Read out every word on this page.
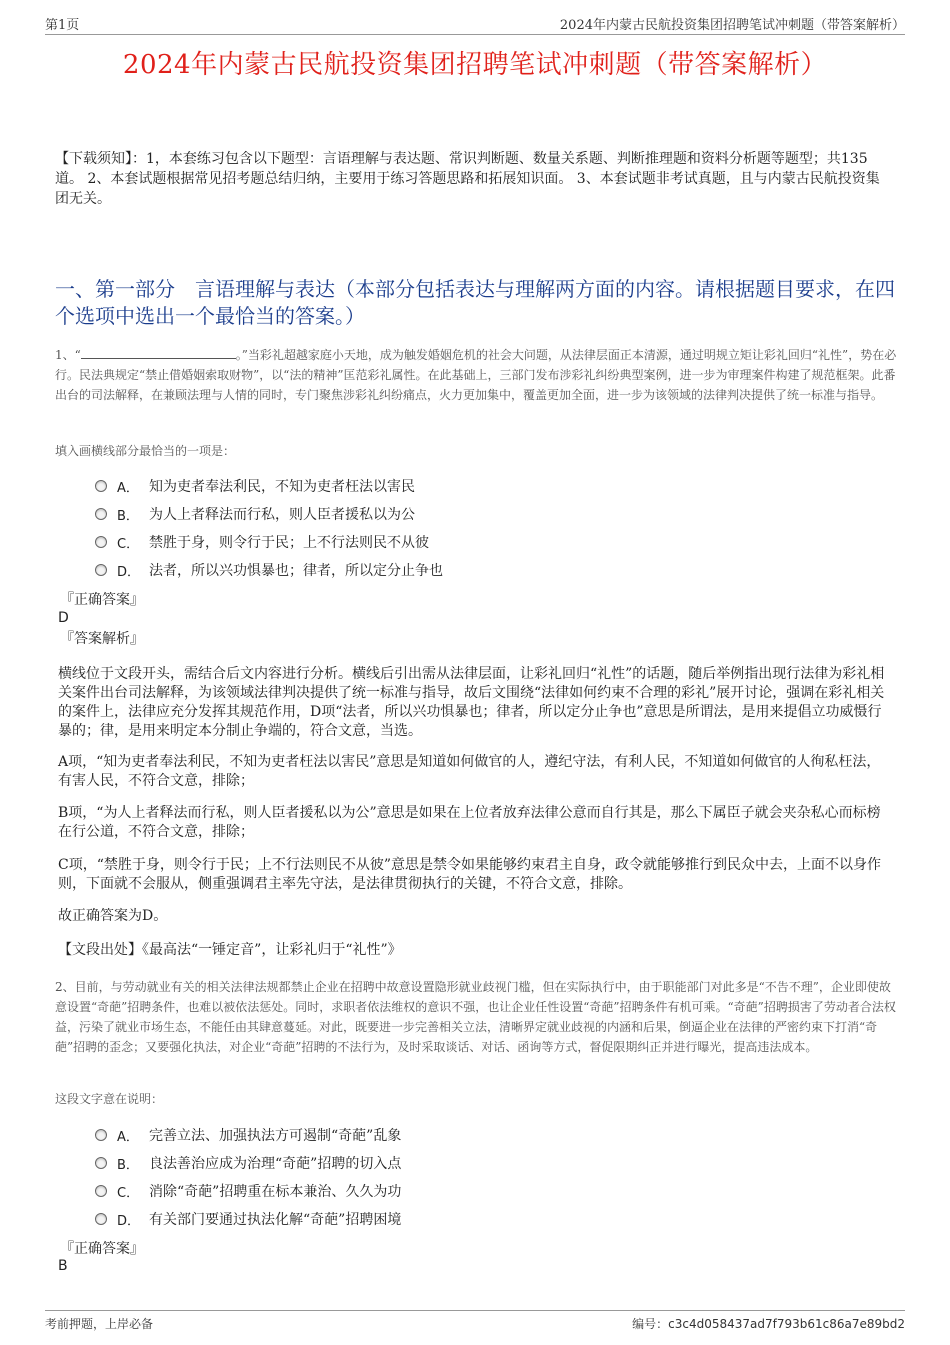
第1页	2024年内蒙古民航投资集团招聘笔试冲刺题（带答案解析）
2024年内蒙古民航投资集团招聘笔试冲刺题（带答案解析）
【下载须知】：1，本套练习包含以下题型：言语理解与表达题、常识判断题、数量关系题、判断推理题和资料分析题等题型；共135道。 2、本套试题根据常见招考题总结归纳，主要用于练习答题思路和拓展知识面。 3、本套试题非考试真题，且与内蒙古民航投资集团无关。
一、第一部分　言语理解与表达（本部分包括表达与理解两方面的内容。请根据题目要求，在四个选项中选出一个最恰当的答案。）
1、“	。”当彩礼超越家庭小天地，成为触发婚姻危机的社会大问题，从法律层面正本清源，通过明规立矩让彩礼回归“礼性”，势在必行。民法典规定“禁止借婚姻索取财物”，以“法的精神”匡范彩礼属性。在此基础上，三部门发布涉彩礼纠纷典型案例，进一步为审理案件构建了规范框架。此番出台的司法解释，在兼顾法理与人情的同时，专门聚焦涉彩礼纠纷痛点，火力更加集中，覆盖更加全面，进一步为该领域的法律判决提供了统一标准与指导。
填入画横线部分最恰当的一项是：
A． 知为吏者奉法利民，不知为吏者枉法以害民
B． 为人上者释法而行私，则人臣者援私以为公
C． 禁胜于身，则令行于民；上不行法则民不从彼
D． 法者，所以兴功惧暴也；律者，所以定分止争也
『正确答案』
D
『答案解析』

横线位于文段开头，需结合后文内容进行分析。横线后引出需从法律层面，让彩礼回归“礼性”的话题，随后举例指出现行法律为彩礼相关案件出台司法解释，为该领域法律判决提供了统一标准与指导，故后文围绕“法律如何约束不合理的彩礼”展开讨论，强调在彩礼相关的案件上，法律应充分发挥其规范作用，D项“法者，所以兴功惧暴也；律者，所以定分止争也”意思是所谓法，是用来提倡立功威慑行暴的；律，是用来明定本分制止争端的，符合文意，当选。

A项，“知为吏者奉法利民，不知为吏者枉法以害民”意思是知道如何做官的人，遵纪守法，有利人民，不知道如何做官的人徇私枉法，有害人民，不符合文意，排除；

B项，“为人上者释法而行私，则人臣者援私以为公”意思是如果在上位者放弃法律公意而自行其是，那么下属臣子就会夹杂私心而标榜在行公道，不符合文意，排除；

C项，“禁胜于身，则令行于民；上不行法则民不从彼”意思是禁令如果能够约束君主自身，政令就能够推行到民众中去，上面不以身作则，下面就不会服从，侧重强调君主率先守法，是法律贯彻执行的关键，不符合文意，排除。

故正确答案为D。

【文段出处】《最高法“一锤定音”，让彩礼归于“礼性”》

2、目前，与劳动就业有关的相关法律法规都禁止企业在招聘中故意设置隐形就业歧视门槛，但在实际执行中，由于职能部门对此多是“不告不理”，企业即使故意设置“奇葩”招聘条件，也难以被依法惩处。同时，求职者依法维权的意识不强，也让企业任性设置“奇葩”招聘条件有机可乘。“奇葩”招聘损害了劳动者合法权益，污染了就业市场生态，不能任由其肆意蔓延。对此，既要进一步完善相关立法，清晰界定就业歧视的内涵和后果，倒逼企业在法律的严密约束下打消“奇葩”招聘的歪念；又要强化执法，对企业“奇葩”招聘的不法行为，及时采取谈话、对话、函询等方式，督促限期纠正并进行曝光，提高违法成本。
这段文字意在说明：
A． 完善立法、加强执法方可遏制“奇葩”乱象
B． 良法善治应成为治理“奇葩”招聘的切入点
C． 消除“奇葩”招聘重在标本兼治、久久为功
D． 有关部门要通过执法化解“奇葩”招聘困境
『正确答案』
B
考前押题，上岸必备	编号：c3c4d058437ad7f793b61c86a7e89bd2
